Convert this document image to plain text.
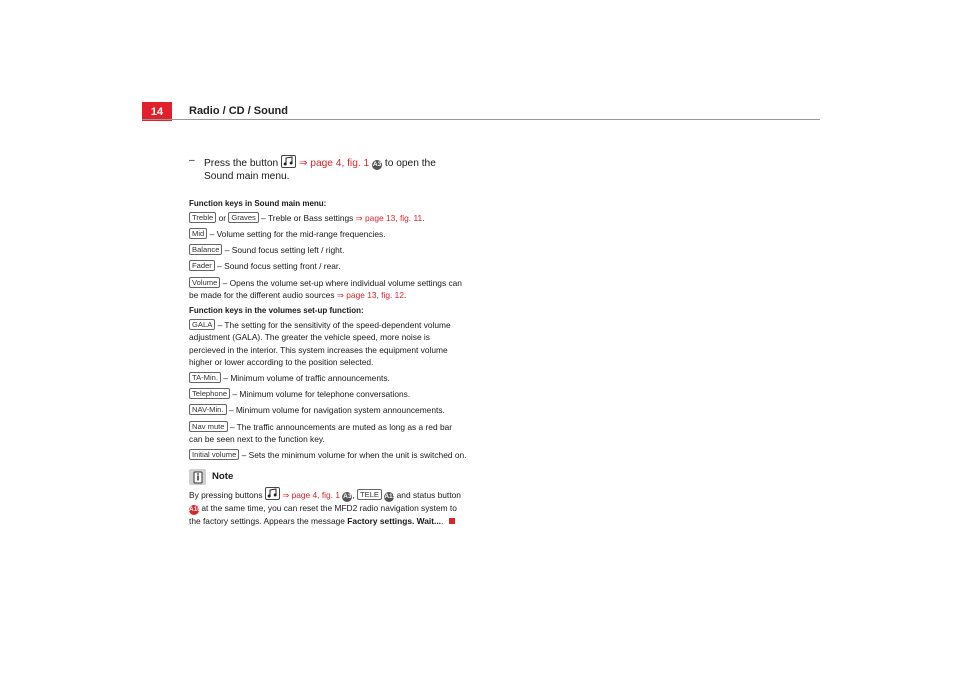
14	Radio / CD / Sound

– Press the button ⇒ page 4, fig. 1 A3 to open the Sound main menu.

Function keys in Sound main menu:
Treble or Graves – Treble or Bass settings ⇒ page 13, fig. 11.
Mid – Volume setting for the mid-range frequencies.
Balance – Sound focus setting left / right.
Fader – Sound focus setting front / rear.
Volume – Opens the volume set-up where individual volume settings can be made for the different audio sources ⇒ page 13, fig. 12.
Function keys in the volumes set-up function:
GALA – The setting for the sensitivity of the speed-dependent volume adjustment (GALA). The greater the vehicle speed, more noise is percieved in the interior. This system increases the equipment volume higher or lower according to the position selected.
TA-Min. – Minimum volume of traffic announcements.
Telephone – Minimum volume for telephone conversations.
NAV-Min. – Minimum volume for navigation system announcements.
Nav mute – The traffic announcements are muted as long as a red bar can be seen next to the function key.
Initial volume – Sets the minimum volume for when the unit is switched on.
Note
By pressing buttons ⇒ page 4, fig. 1 A3, TELE A15 and status button A10 at the same time, you can reset the MFD2 radio navigation system to the factory settings. Appears the message Factory settings. Wait....
